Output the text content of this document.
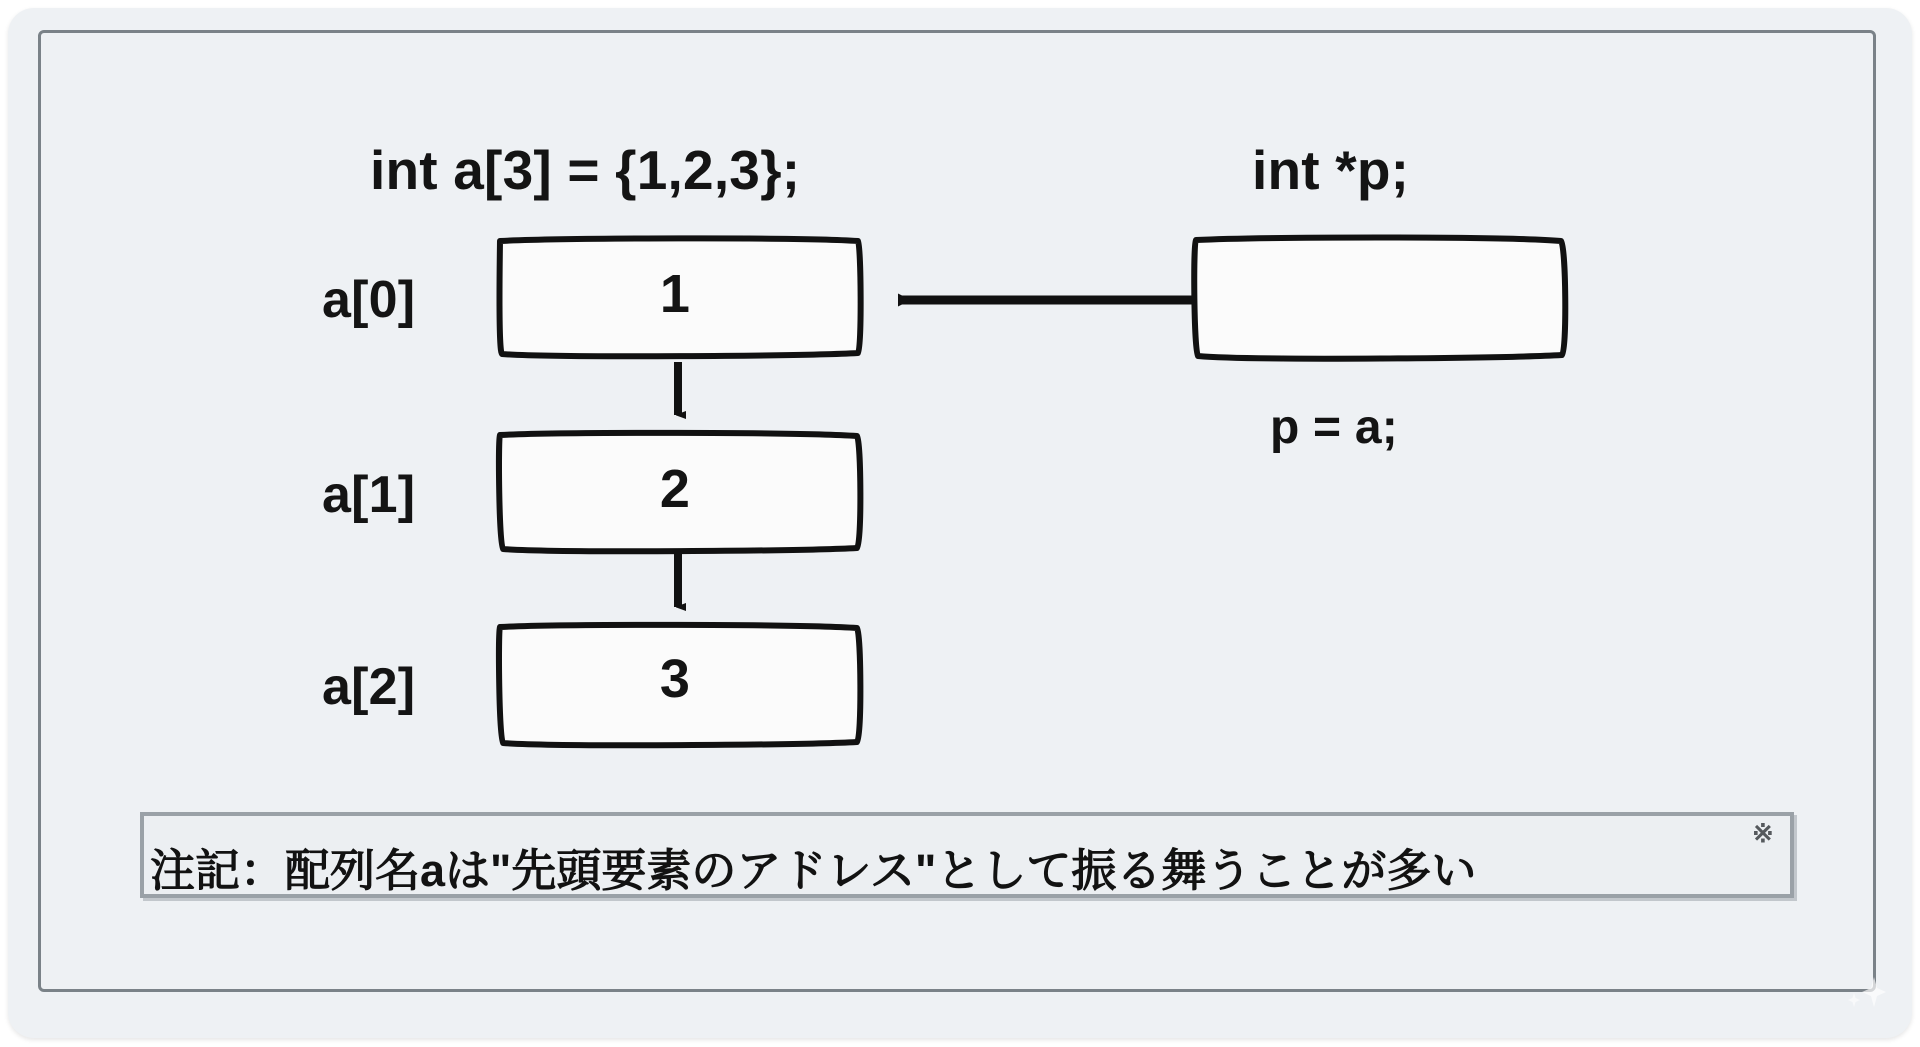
int a[3] = {1,2,3};	int *p;
p = a;
a[0]
a[1]
a[2]
1
2
3
注記：配列名aは"先頭要素のアドレス"として振る舞うことが多い
※
